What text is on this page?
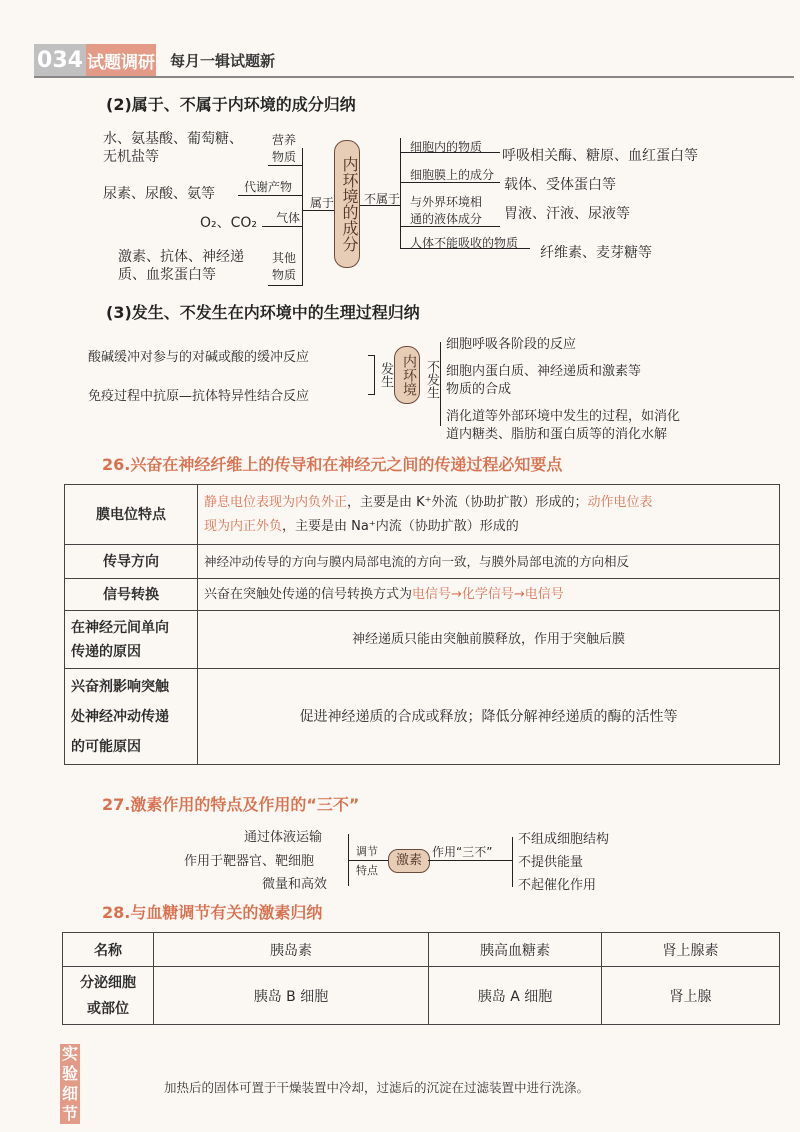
034 试题调研 每月一辑试题新
(2)属于、不属于内环境的成分归纳
水、氨基酸、葡萄糖、
无机盐等
尿素、尿酸、氨等
O₂、CO₂
激素、抗体、神经递
质、血浆蛋白等
营养
物质
代谢产物
气体
其他
物质
属于 内环境的成分 不属于
细胞内的物质
细胞膜上的成分
与外界环境相
通的液体成分
人体不能吸收的物质
呼吸相关酶、糖原、血红蛋白等
载体、受体蛋白等
胃液、汗液、尿液等
纤维素、麦芽糖等
(3)发生、不发生在内环境中的生理过程归纳
酸碱缓冲对参与的对碱或酸的缓冲反应
免疫过程中抗原—抗体特异性结合反应
发生 内环境 不发生
细胞呼吸各阶段的反应
细胞内蛋白质、神经递质和激素等
物质的合成
消化道等外部环境中发生的过程，如消化
道内糖类、脂肪和蛋白质等的消化水解
26.兴奋在神经纤维上的传导和在神经元之间的传递过程必知要点
膜电位特点	静息电位表现为内负外正，主要是由 K⁺外流（协助扩散）形成的；动作电位表
现为内正外负，主要是由 Na⁺内流（协助扩散）形成的
传导方向	神经冲动传导的方向与膜内局部电流的方向一致，与膜外局部电流的方向相反
信号转换	兴奋在突触处传递的信号转换方式为电信号→化学信号→电信号
在神经元间单向
传递的原因	神经递质只能由突触前膜释放，作用于突触后膜
兴奋剂影响突触
处神经冲动传递
的可能原因	促进神经递质的合成或释放；降低分解神经递质的酶的活性等
27.激素作用的特点及作用的“三不”
通过体液运输
作用于靶器官、靶细胞
微量和高效
调节
特点
激素
作用“三不”
不组成细胞结构
不提供能量
不起催化作用
28.与血糖调节有关的激素归纳
名称	胰岛素	胰高血糖素	肾上腺素
分泌细胞
或部位	胰岛 B 细胞	胰岛 A 细胞	肾上腺
实验细节
加热后的固体可置于干燥装置中冷却，过滤后的沉淀在过滤装置中进行洗涤。
